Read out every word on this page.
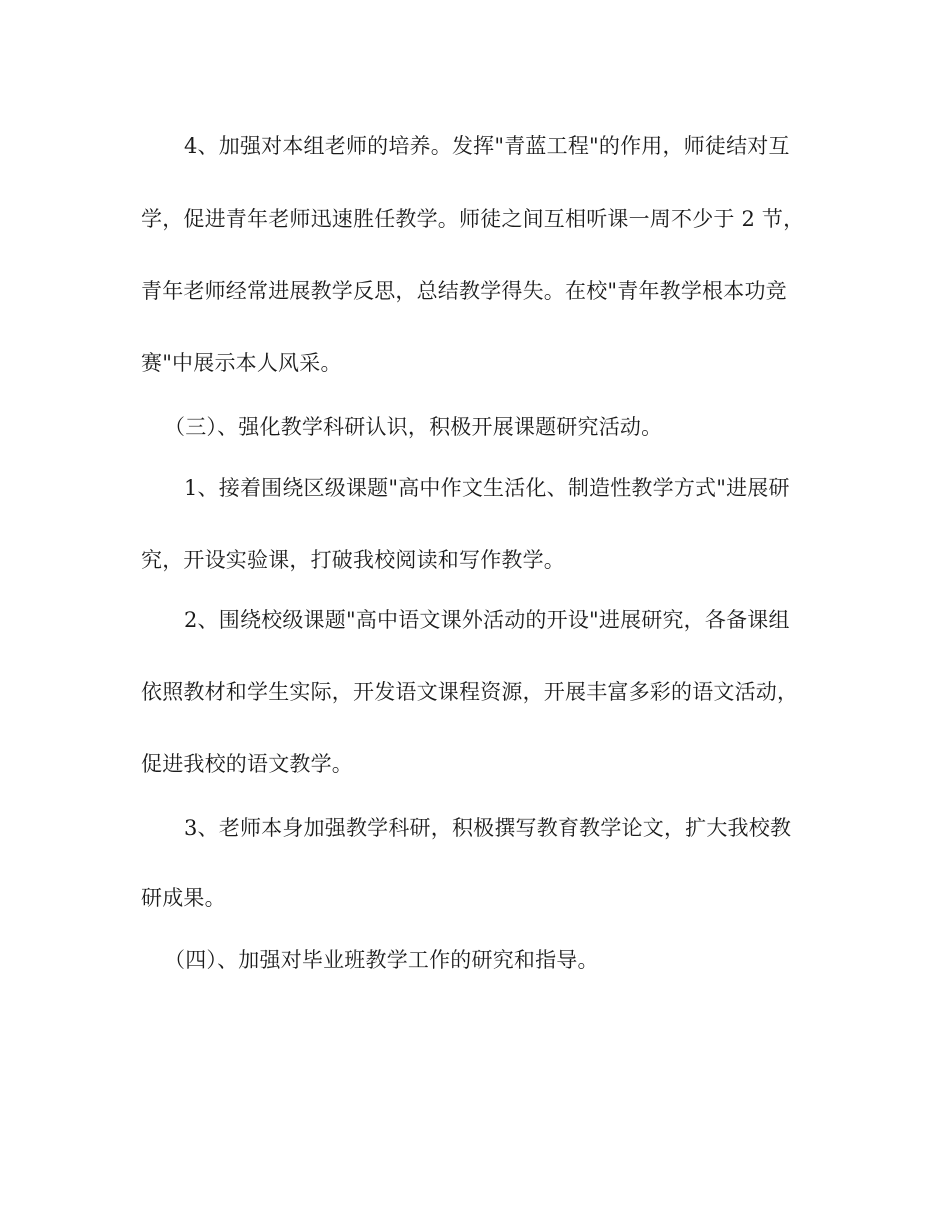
4、加强对本组老师的培养。发挥"青蓝工程"的作用，师徒结对互
学，促进青年老师迅速胜任教学。师徒之间互相听课一周不少于 2 节，
青年老师经常进展教学反思，总结教学得失。在校"青年教学根本功竞
赛"中展示本人风采。
（三）、强化教学科研认识，积极开展课题研究活动。
1、接着围绕区级课题"高中作文生活化、制造性教学方式"进展研
究，开设实验课，打破我校阅读和写作教学。
2、围绕校级课题"高中语文课外活动的开设"进展研究，各备课组
依照教材和学生实际，开发语文课程资源，开展丰富多彩的语文活动，
促进我校的语文教学。
3、老师本身加强教学科研，积极撰写教育教学论文，扩大我校教
研成果。
（四）、加强对毕业班教学工作的研究和指导。
